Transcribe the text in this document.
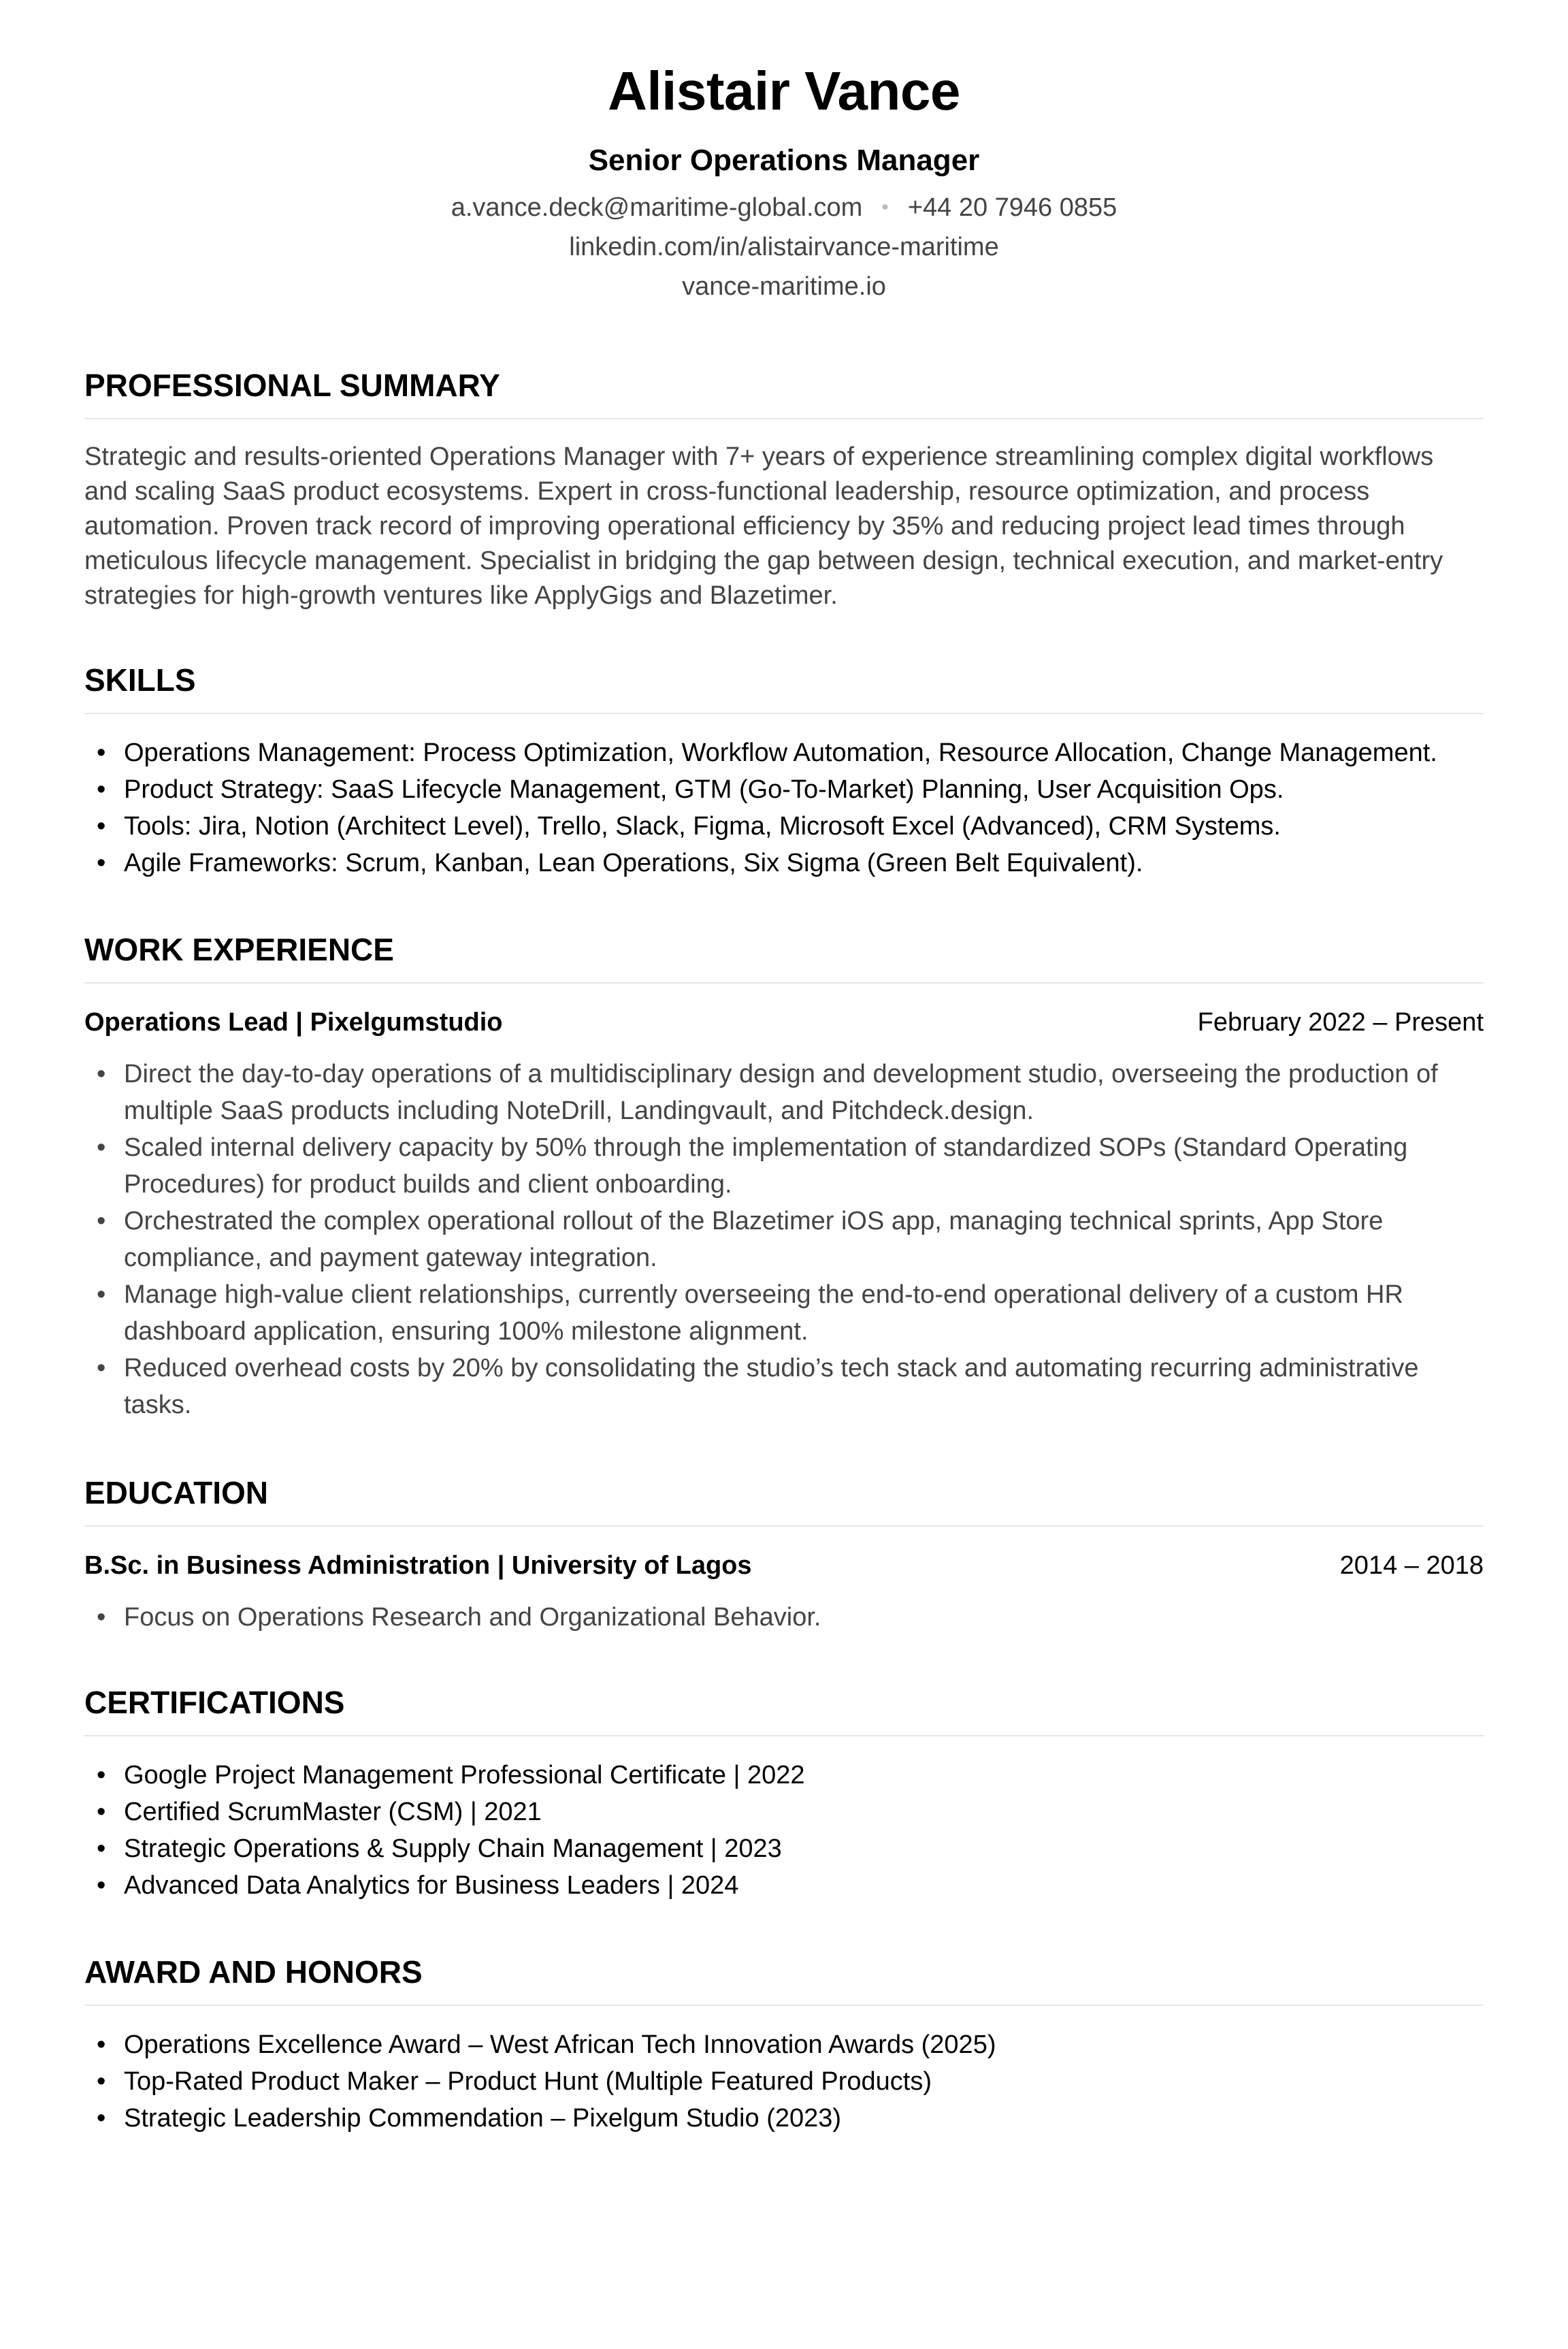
Alistair Vance
Senior Operations Manager
a.vance.deck@maritime-global.com • +44 20 7946 0855
linkedin.com/in/alistairvance-maritime
vance-maritime.io
PROFESSIONAL SUMMARY

Strategic and results-oriented Operations Manager with 7+ years of experience streamlining complex digital workflows and scaling SaaS product ecosystems. Expert in cross-functional leadership, resource optimization, and process automation. Proven track record of improving operational efficiency by 35% and reducing project lead times through meticulous lifecycle management. Specialist in bridging the gap between design, technical execution, and market-entry strategies for high-growth ventures like ApplyGigs and Blazetimer.

SKILLS
• Operations Management: Process Optimization, Workflow Automation, Resource Allocation, Change Management.
• Product Strategy: SaaS Lifecycle Management, GTM (Go-To-Market) Planning, User Acquisition Ops.
• Tools: Jira, Notion (Architect Level), Trello, Slack, Figma, Microsoft Excel (Advanced), CRM Systems.
• Agile Frameworks: Scrum, Kanban, Lean Operations, Six Sigma (Green Belt Equivalent).
WORK EXPERIENCE
Operations Lead | Pixelgumstudio	February 2022 – Present
• Direct the day-to-day operations of a multidisciplinary design and development studio, overseeing the production of multiple SaaS products including NoteDrill, Landingvault, and Pitchdeck.design.
• Scaled internal delivery capacity by 50% through the implementation of standardized SOPs (Standard Operating Procedures) for product builds and client onboarding.
• Orchestrated the complex operational rollout of the Blazetimer iOS app, managing technical sprints, App Store compliance, and payment gateway integration.
• Manage high-value client relationships, currently overseeing the end-to-end operational delivery of a custom HR dashboard application, ensuring 100% milestone alignment.
• Reduced overhead costs by 20% by consolidating the studio’s tech stack and automating recurring administrative tasks.
EDUCATION
B.Sc. in Business Administration | University of Lagos	2014 – 2018
• Focus on Operations Research and Organizational Behavior.
CERTIFICATIONS
• Google Project Management Professional Certificate | 2022
• Certified ScrumMaster (CSM) | 2021
• Strategic Operations & Supply Chain Management | 2023
• Advanced Data Analytics for Business Leaders | 2024
AWARD AND HONORS
• Operations Excellence Award – West African Tech Innovation Awards (2025)
• Top-Rated Product Maker – Product Hunt (Multiple Featured Products)
• Strategic Leadership Commendation – Pixelgum Studio (2023)
